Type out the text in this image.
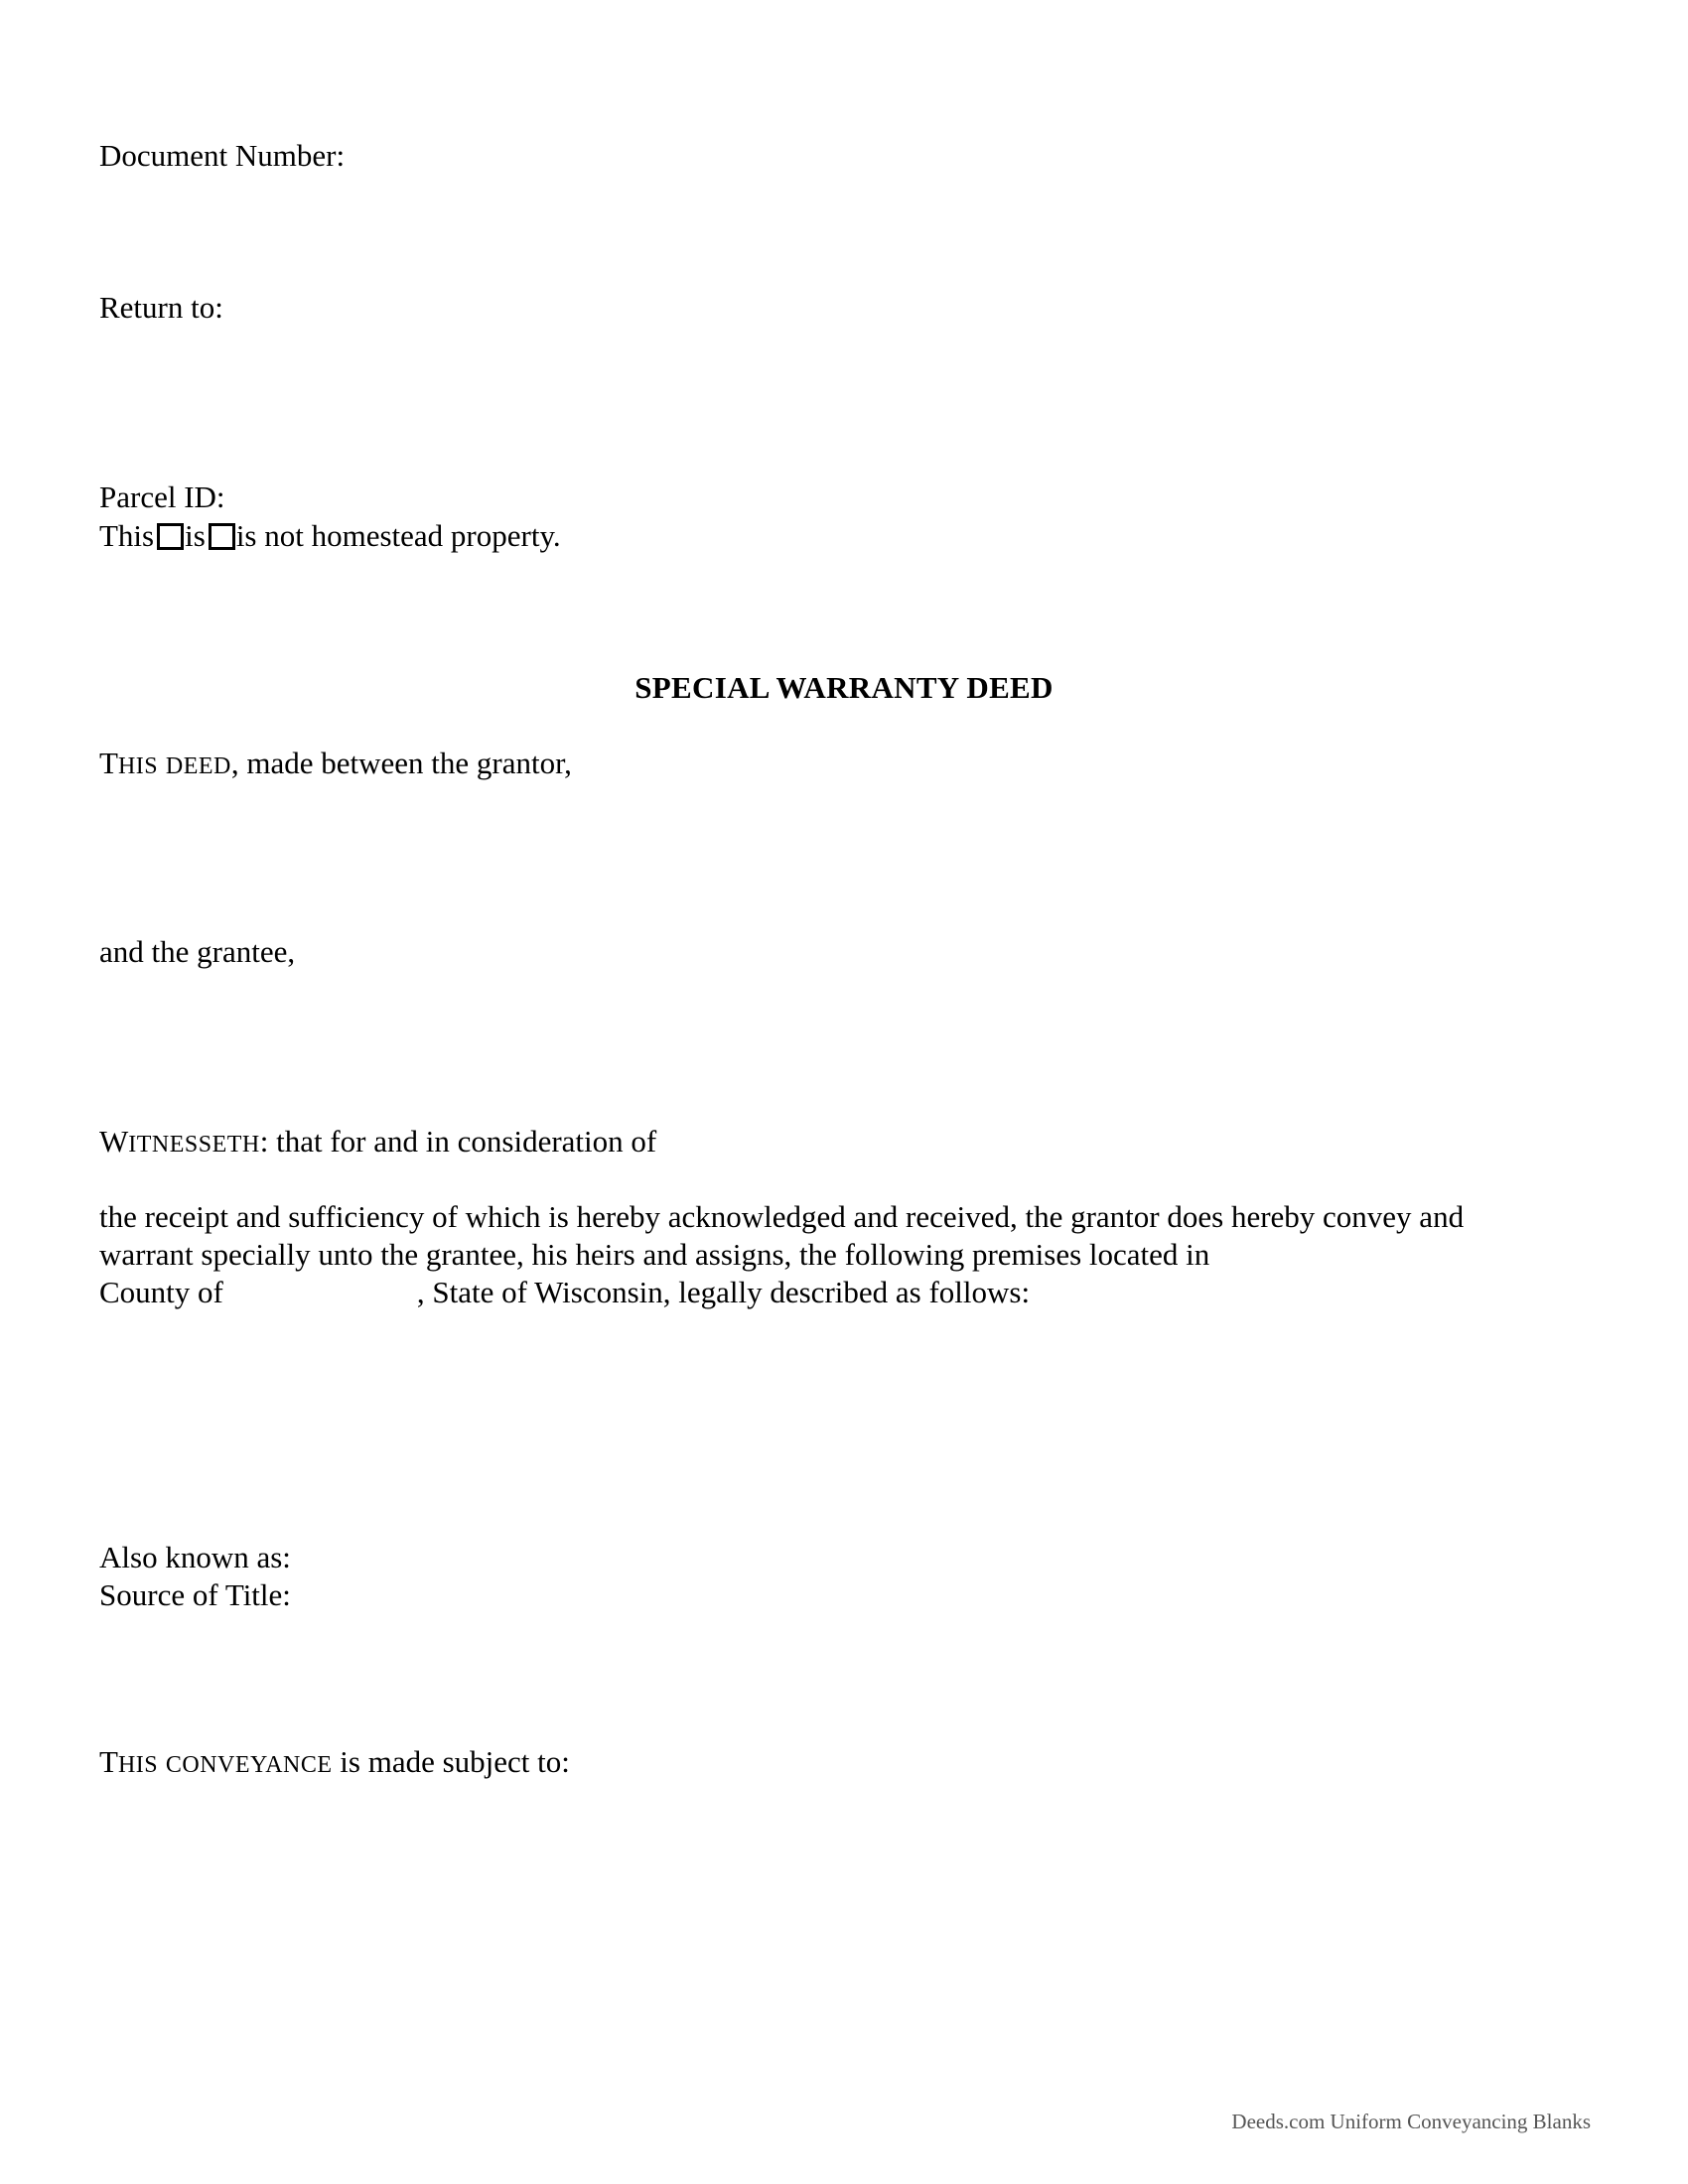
Document Number:
Return to:
Parcel ID:
This is is not homestead property.
SPECIAL WARRANTY DEED
THIS DEED, made between the grantor,
and the grantee,
WITNESSETH: that for and in consideration of
the receipt and sufficiency of which is hereby acknowledged and received, the grantor does hereby convey and
warrant specially unto the grantee, his heirs and assigns, the following premises located in
County of	, State of Wisconsin, legally described as follows:
Also known as:
Source of Title:
THIS CONVEYANCE is made subject to:
Deeds.com Uniform Conveyancing Blanks
